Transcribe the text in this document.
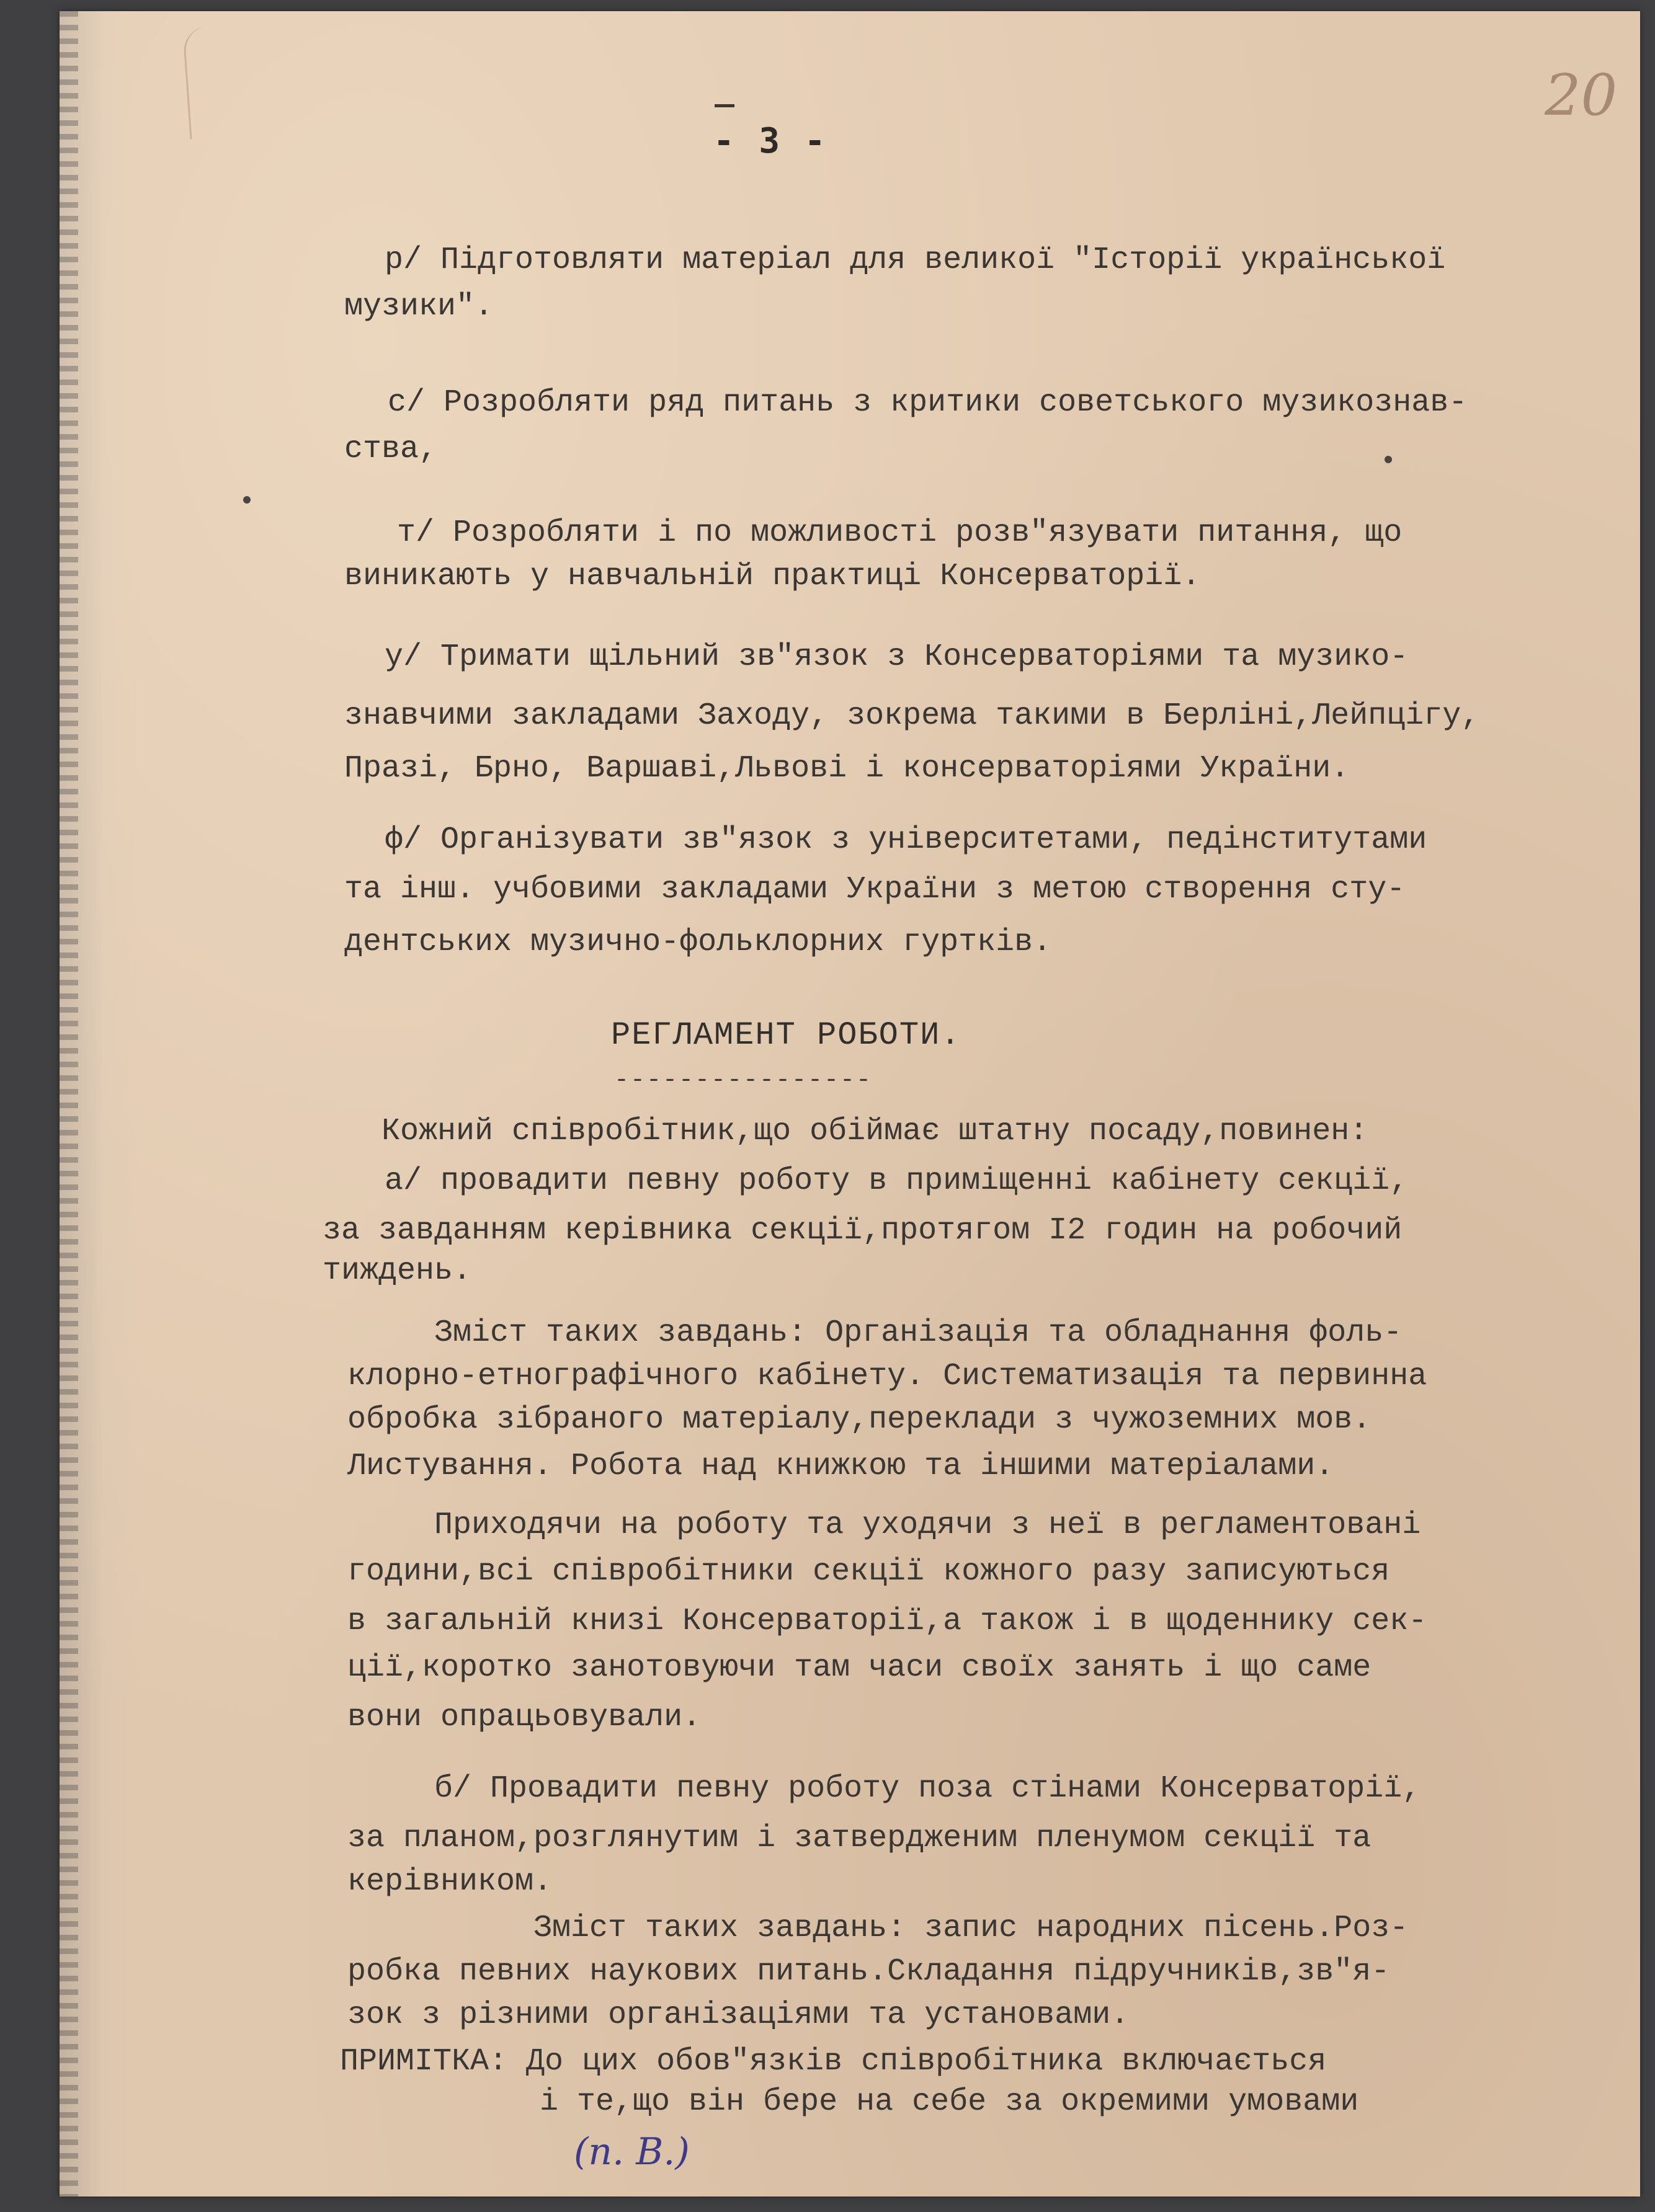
20
- 3 -
р/ Підготовляти матеріал для великої "Історії української
музики".
с/ Розробляти ряд питань з критики советського музикознав-
ства,
т/ Розробляти і по можливості розв"язувати питання, що
виникають у навчальній практиці Консерваторії.
у/ Тримати щільний зв"язок з Консерваторіями та музико-
знавчими закладами Заходу, зокрема такими в Берліні,Лейпцігу,
Празі, Брно, Варшаві,Львові і консерваторіями України.
ф/ Організувати зв"язок з університетами, педінститутами
та інш. учбовими закладами України з метою створення сту-
дентських музично-фольклорних гуртків.
РЕГЛАМЕНТ РОБОТИ.
----------------
Кожний співробітник,що обіймає штатну посаду,повинен:
а/ провадити певну роботу в приміщенні кабінету секції,
за завданням керівника секції,протягом І2 годин на робочий
тиждень.
Зміст таких завдань: Організація та обладнання фоль-
клорно-етнографічного кабінету. Систематизація та первинна
обробка зібраного матеріалу,переклади з чужоземних мов.
Листування. Робота над книжкою та іншими матеріалами.
Приходячи на роботу та уходячи з неї в регламентовані
години,всі співробітники секції кожного разу записуються
в загальній книзі Консерваторії,а також і в щоденнику сек-
ції,коротко занотовуючи там часи своїх занять і що саме
вони опрацьовували.
б/ Провадити певну роботу поза стінами Консерваторії,
за планом,розглянутим і затвердженим пленумом секції та
керівником.
Зміст таких завдань: запис народних пісень.Роз-
робка певних наукових питань.Складання підручників,зв"я-
зок з різними організаціями та установами.
ПРИМІТКА: До цих обов"язків співробітника включається
і те,що він бере на себе за окремими умовами
(п. В.)
